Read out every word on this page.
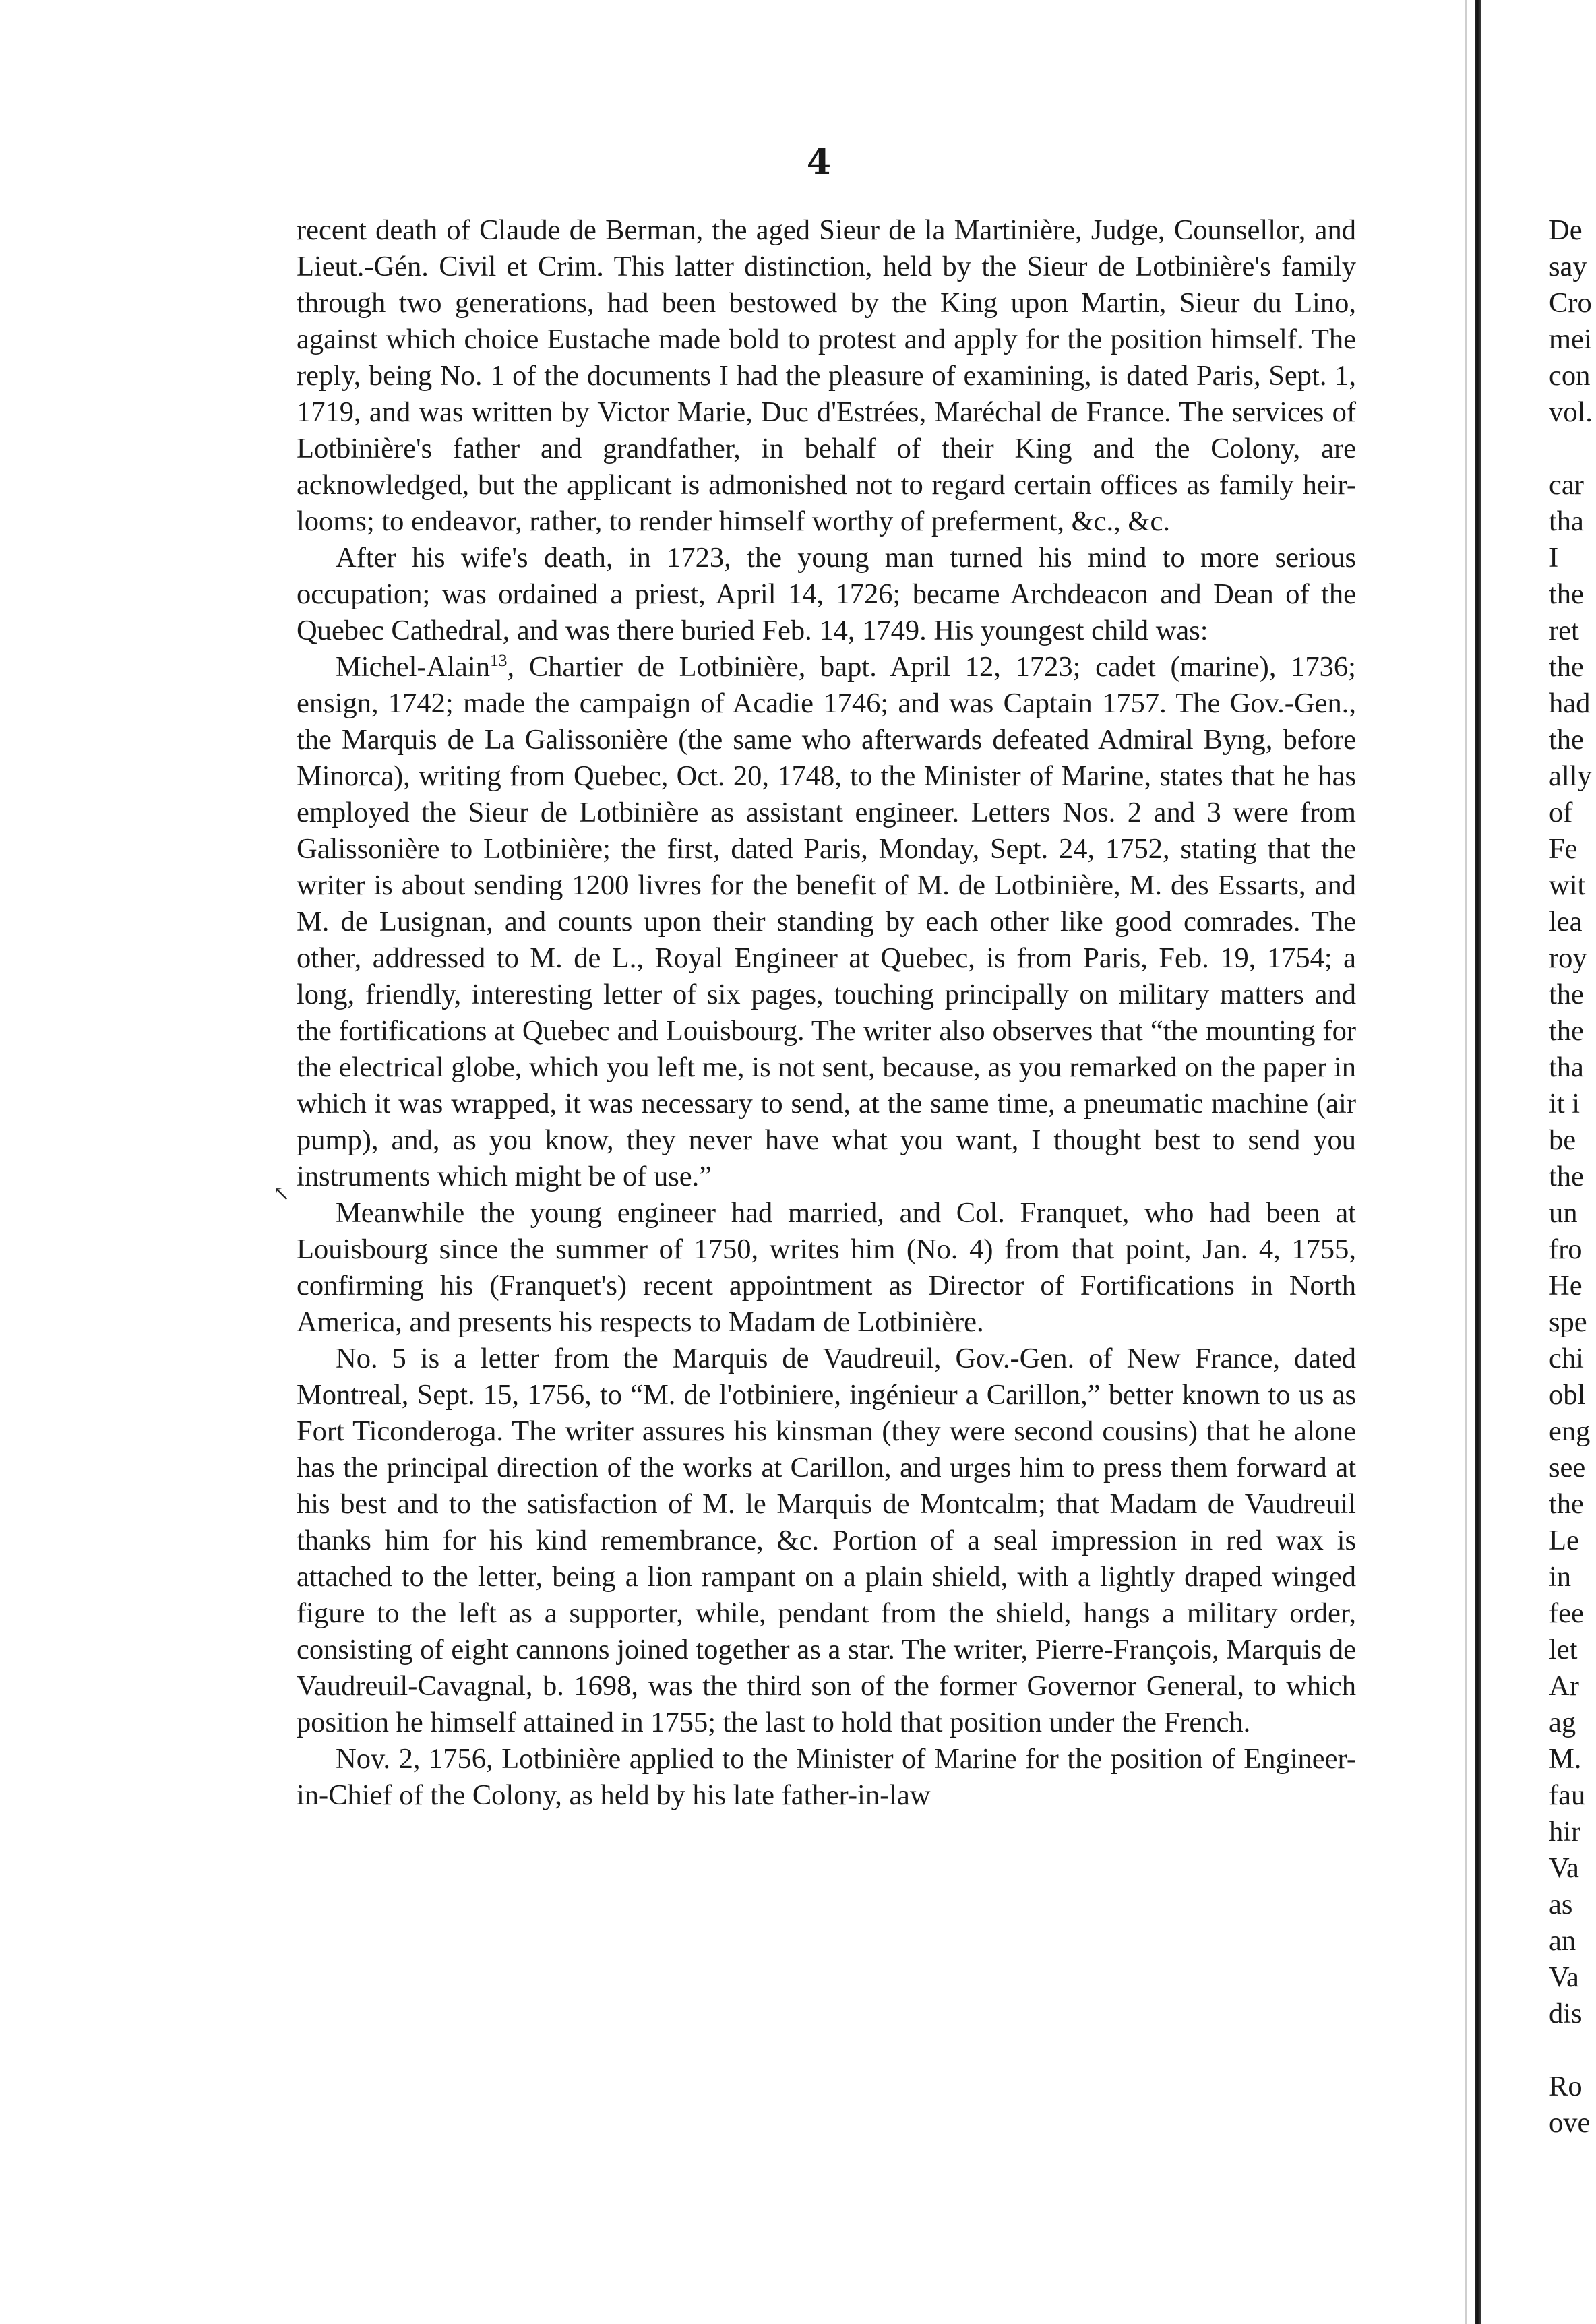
4
↖

recent death of Claude de Berman, the aged Sieur de la Martinière, Judge, Counsellor, and Lieut.-Gén. Civil et Crim. This latter distinction, held by the Sieur de Lotbinière's family through two generations, had been bestowed by the King upon Martin, Sieur du Lino, against which choice Eustache made bold to protest and apply for the position himself. The reply, being No. 1 of the documents I had the pleasure of examining, is dated Paris, Sept. 1, 1719, and was written by Victor Marie, Duc d'Estrées, Maréchal de France. The services of Lotbinière's father and grandfather, in behalf of their King and the Colony, are acknowledged, but the applicant is admonished not to regard certain offices as family heir-looms; to endeavor, rather, to render himself worthy of preferment, &c., &c.

After his wife's death, in 1723, the young man turned his mind to more serious occupation; was ordained a priest, April 14, 1726; became Archdeacon and Dean of the Quebec Cathedral, and was there buried Feb. 14, 1749. His youngest child was:

Michel-Alain$^{13}$, Chartier de Lotbinière, bapt. April 12, 1723; cadet (marine), 1736; ensign, 1742; made the campaign of Acadie 1746; and was Captain 1757. The Gov.-Gen., the Marquis de La Galissonière (the same who afterwards defeated Admiral Byng, before Minorca), writing from Quebec, Oct. 20, 1748, to the Minister of Marine, states that he has employed the Sieur de Lotbinière as assistant engineer. Letters Nos. 2 and 3 were from Galissonière to Lotbinière; the first, dated Paris, Monday, Sept. 24, 1752, stating that the writer is about sending 1200 livres for the benefit of M. de Lotbinière, M. des Essarts, and M. de Lusignan, and counts upon their standing by each other like good comrades. The other, addressed to M. de L., Royal Engineer at Quebec, is from Paris, Feb. 19, 1754; a long, friendly, interesting letter of six pages, touching principally on military matters and the fortifications at Quebec and Louisbourg. The writer also observes that “the mounting for the electrical globe, which you left me, is not sent, because, as you remarked on the paper in which it was wrapped, it was necessary to send, at the same time, a pneumatic machine (air pump), and, as you know, they never have what you want, I thought best to send you instruments which might be of use.”

Meanwhile the young engineer had married, and Col. Franquet, who had been at Louisbourg since the summer of 1750, writes him (No. 4) from that point, Jan. 4, 1755, confirming his (Franquet's) recent appointment as Director of Fortifications in North America, and presents his respects to Madam de Lotbinière.

No. 5 is a letter from the Marquis de Vaudreuil, Gov.-Gen. of New France, dated Montreal, Sept. 15, 1756, to “M. de l'otbiniere, ingénieur a Carillon,” better known to us as Fort Ticonderoga. The writer assures his kinsman (they were second cousins) that he alone has the principal direction of the works at Carillon, and urges him to press them forward at his best and to the satisfaction of M. le Marquis de Montcalm; that Madam de Vaudreuil thanks him for his kind remembrance, &c. Portion of a seal impression in red wax is attached to the letter, being a lion rampant on a plain shield, with a lightly draped winged figure to the left as a supporter, while, pendant from the shield, hangs a military order, consisting of eight cannons joined together as a star. The writer, Pierre-François, Marquis de Vaudreuil-Cavagnal, b. 1698, was the third son of the former Governor General, to which position he himself attained in 1755; the last to hold that position under the French.

Nov. 2, 1756, Lotbinière applied to the Minister of Marine for the position of Engineer-in-Chief of the Colony, as held by his late father-in-law

De
say
Cro
mei
con
vol.
car
tha
I
the
ret
the
had
the
ally
of
Fe
wit
lea
roy
the
the
tha
it i
be
the
un
fro
He
spe
chi
obl
eng
see
the
Le
in
fee
let
Ar
ag
M.
fau
hir
Va
as
an
Va
dis
Ro
ove
